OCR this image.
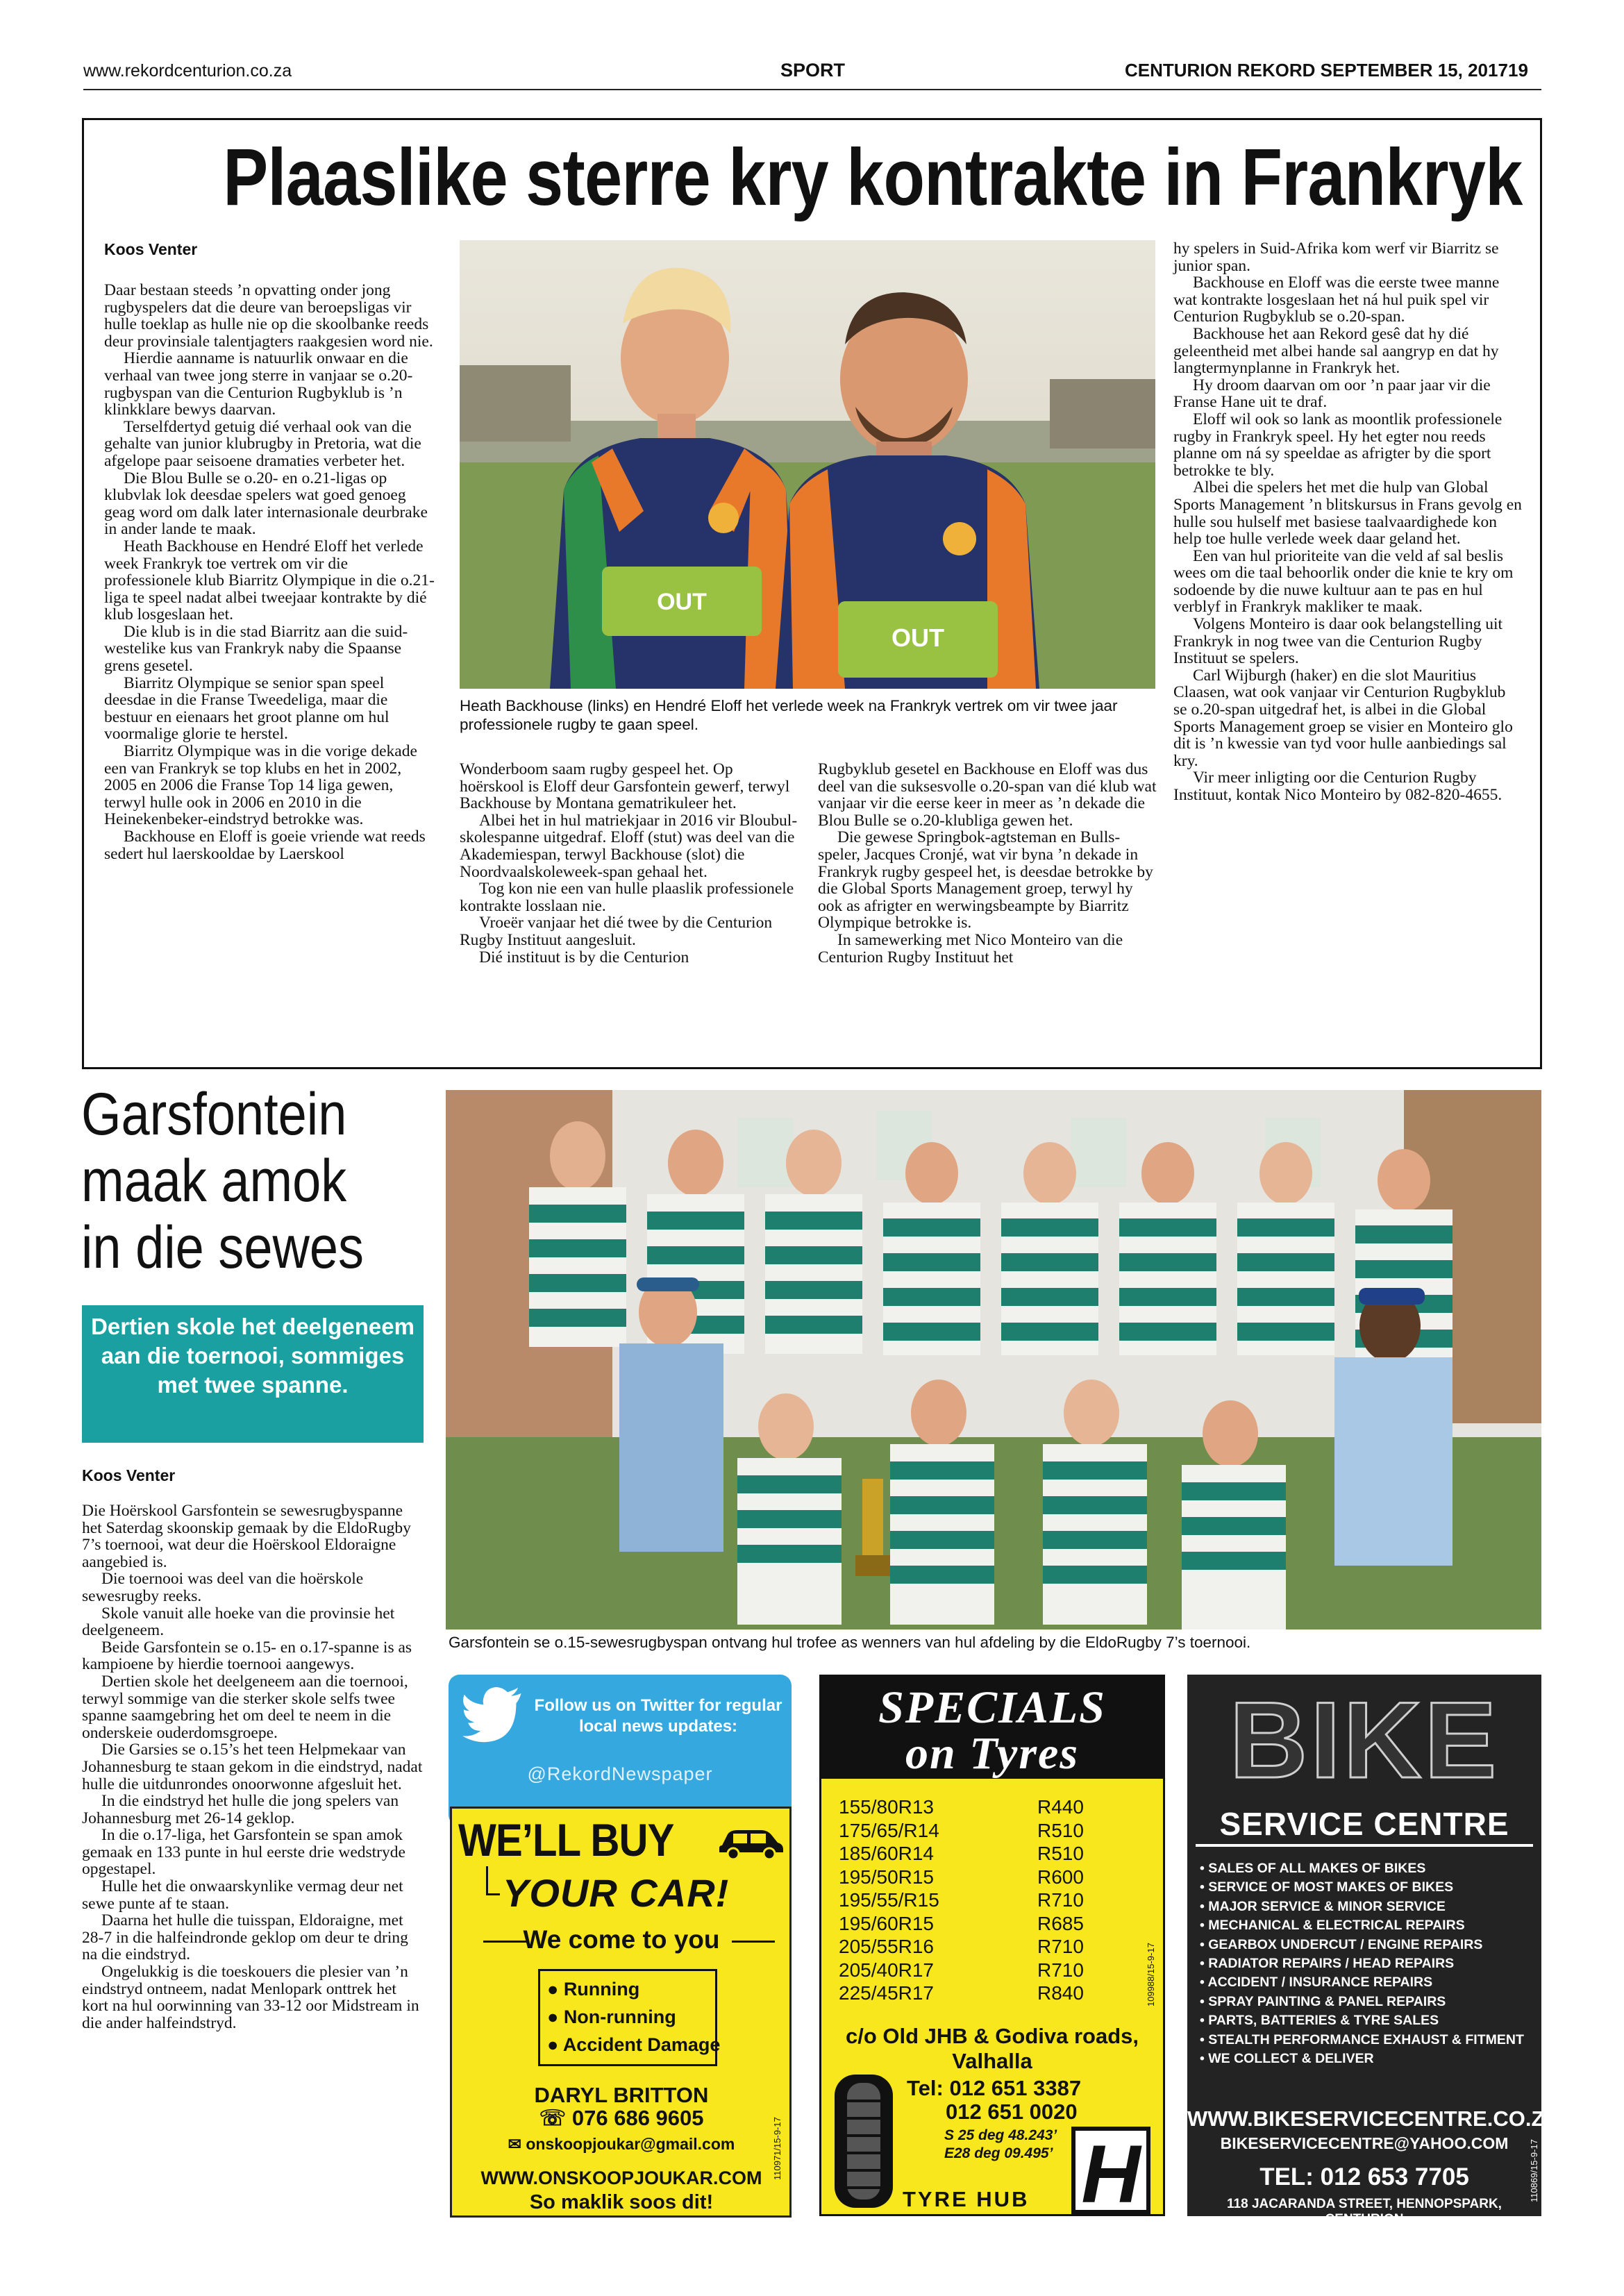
www.rekordcenturion.co.za	SPORT	CENTURION REKORD SEPTEMBER 15, 2017 19
Plaaslike sterre kry kontrakte in Frankryk
Koos Venter

Daar bestaan steeds ’n opvatting onder jong rugbyspelers dat die deure van beroepsligas vir hulle toeklap as hulle nie op die skoolbanke reeds deur provinsiale talentjagters raakgesien word nie.

Hierdie aanname is natuurlik onwaar en die verhaal van twee jong sterre in vanjaar se o.20-rugbyspan van die Centurion Rugbyklub is ’n klinkklare bewys daarvan.

Terselfdertyd getuig dié verhaal ook van die gehalte van junior klubrugby in Pretoria, wat die afgelope paar seisoene dramaties verbeter het.

Die Blou Bulle se o.20- en o.21-ligas op klubvlak lok deesdae spelers wat goed genoeg geag word om dalk later internasionale deurbrake in ander lande te maak.

Heath Backhouse en Hendré Eloff het verlede week Frankryk toe vertrek om vir die professionele klub Biarritz Olympique in die o.21-liga te speel nadat albei tweejaar kontrakte by dié klub losgeslaan het.

Die klub is in die stad Biarritz aan die suid-westelike kus van Frankryk naby die Spaanse grens gesetel.

Biarritz Olympique se senior span speel deesdae in die Franse Tweedeliga, maar die bestuur en eienaars het groot planne om hul voormalige glorie te herstel.

Biarritz Olympique was in die vorige dekade een van Frankryk se top klubs en het in 2002, 2005 en 2006 die Franse Top 14 liga gewen, terwyl hulle ook in 2006 en 2010 in die Heinekenbeker-eindstryd betrokke was.

Backhouse en Eloff is goeie vriende wat reeds sedert hul laerskooldae by Laerskool

Wonderboom saam rugby gespeel het. Op hoërskool is Eloff deur Garsfontein gewerf, terwyl Backhouse by Montana gematrikuleer het.

Albei het in hul matriekjaar in 2016 vir Bloubul-skolespanne uitgedraf. Eloff (stut) was deel van die Akademiespan, terwyl Backhouse (slot) die Noordvaalskoleweek-span gehaal het.

Tog kon nie een van hulle plaaslik professionele kontrakte losslaan nie.

Vroeër vanjaar het dié twee by die Centurion Rugby Instituut aangesluit.

Dié instituut is by die Centurion

Rugbyklub gesetel en Backhouse en Eloff was dus deel van die suksesvolle o.20-span van dié klub wat vanjaar vir die eerse keer in meer as ’n dekade die Blou Bulle se o.20-klubliga gewen het.

Die gewese Springbok-agtsteman en Bulls-speler, Jacques Cronjé, wat vir byna ’n dekade in Frankryk rugby gespeel het, is deesdae betrokke by die Global Sports Management groep, terwyl hy ook as afrigter en werwingsbeampte by Biarritz Olympique betrokke is.

In samewerking met Nico Monteiro van die Centurion Rugby Instituut het

hy spelers in Suid-Afrika kom werf vir Biarritz se junior span.

Backhouse en Eloff was die eerste twee manne wat kontrakte losgeslaan het ná hul puik spel vir Centurion Rugbyklub se o.20-span.

Backhouse het aan Rekord gesê dat hy dié geleentheid met albei hande sal aangryp en dat hy langtermynplanne in Frankryk het.

Hy droom daarvan om oor ’n paar jaar vir die Franse Hane uit te draf.

Eloff wil ook so lank as moontlik professionele rugby in Frankryk speel. Hy het egter nou reeds planne om ná sy speeldae as afrigter by die sport betrokke te bly.

Albei die spelers het met die hulp van Global Sports Management ’n blitskursus in Frans gevolg en hulle sou hulself met basiese taalvaardighede kon help toe hulle verlede week daar geland het.

Een van hul prioriteite van die veld af sal beslis wees om die taal behoorlik onder die knie te kry om sodoende by die nuwe kultuur aan te pas en hul verblyf in Frankryk makliker te maak.

Volgens Monteiro is daar ook belangstelling uit Frankryk in nog twee van die Centurion Rugby Instituut se spelers.

Carl Wijburgh (haker) en die slot Mauritius Claasen, wat ook vanjaar vir Centurion Rugbyklub se o.20-span uitgedraf het, is albei in die Global Sports Management groep se visier en Monteiro glo dit is ’n kwessie van tyd voor hulle aanbiedings sal kry.

Vir meer inligting oor die Centurion Rugby Instituut, kontak Nico Monteiro by 082-820-4655.

OUT
OUT
Heath Backhouse (links) en Hendré Eloff het verlede week na Frankryk vertrek om vir twee jaar professionele rugby te gaan speel.
Garsfontein
maak amok
in die sewes
Dertien skole het deelgeneem aan die toernooi, sommiges met twee spanne.
Koos Venter

Die Hoërskool Garsfontein se sewesrugbyspanne het Saterdag skoonskip gemaak by die EldoRugby 7’s toernooi, wat deur die Hoërskool Eldoraigne aangebied is.

Die toernooi was deel van die hoërskole sewesrugby reeks.

Skole vanuit alle hoeke van die provinsie het deelgeneem.

Beide Garsfontein se o.15- en o.17-spanne is as kampioene by hierdie toernooi aangewys.

Dertien skole het deelgeneem aan die toernooi, terwyl sommige van die sterker skole selfs twee spanne saamgebring het om deel te neem in die onderskeie ouderdomsgroepe.

Die Garsies se o.15’s het teen Helpmekaar van Johannesburg te staan gekom in die eindstryd, nadat hulle die uitdunrondes onoorwonne afgesluit het.

In die eindstryd het hulle die jong spelers van Johannesburg met 26-14 geklop.

In die o.17-liga, het Garsfontein se span amok gemaak en 133 punte in hul eerste drie wedstryde opgestapel.

Hulle het die onwaarskynlike vermag deur net sewe punte af te staan.

Daarna het hulle die tuisspan, Eldoraigne, met 28-7 in die halfeindronde geklop om deur te dring na die eindstryd.

Ongelukkig is die toeskouers die plesier van ’n eindstryd ontneem, nadat Menlopark onttrek het kort na hul oorwinning van 33-12 oor Midstream in die ander halfeindstryd.

Garsfontein se o.15-sewesrugbyspan ontvang hul trofee as wenners van hul afdeling by die EldoRugby 7’s toernooi.
Follow us on Twitter for regular local news updates:
@RekordNewspaper
WE’LL BUY
YOUR CAR!
We come to you
● Running
● Non-running
● Accident Damage
DARYL BRITTON
☏ 076 686 9605
✉ onskoopjoukar@gmail.com
WWW.ONSKOOPJOUKAR.COM
So maklik soos dit!
110971/15-9-17
SPECIALS
on Tyres
155/80R13	R440
175/65/R14	R510
185/60R14	R510
195/50R15	R600
195/55/R15	R710
195/60R15	R685
205/55R16	R710
205/40R17	R710
225/45R17	R840	109988/15-9-17
c/o Old JHB & Godiva roads, Valhalla
Tel: 012 651 3387
012 651 0020
S 25 deg 48.243’
E28 deg 09.495’
TYRE HUB H
BIKE
SERVICE CENTRE
• SALES OF ALL MAKES OF BIKES
• SERVICE OF MOST MAKES OF BIKES
• MAJOR SERVICE & MINOR SERVICE
• MECHANICAL & ELECTRICAL REPAIRS
• GEARBOX UNDERCUT / ENGINE REPAIRS
• RADIATOR REPAIRS / HEAD REPAIRS
• ACCIDENT / INSURANCE REPAIRS
• SPRAY PAINTING & PANEL REPAIRS
• PARTS, BATTERIES & TYRE SALES
• STEALTH PERFORMANCE EXHAUST & FITMENT
• WE COLLECT & DELIVER
WWW.BIKESERVICECENTRE.CO.ZA
BIKESERVICECENTRE@YAHOO.COM
TEL: 012 653 7705
118 JACARANDA STREET, HENNOPSPARK, CENTURION
110869/15-9-17
